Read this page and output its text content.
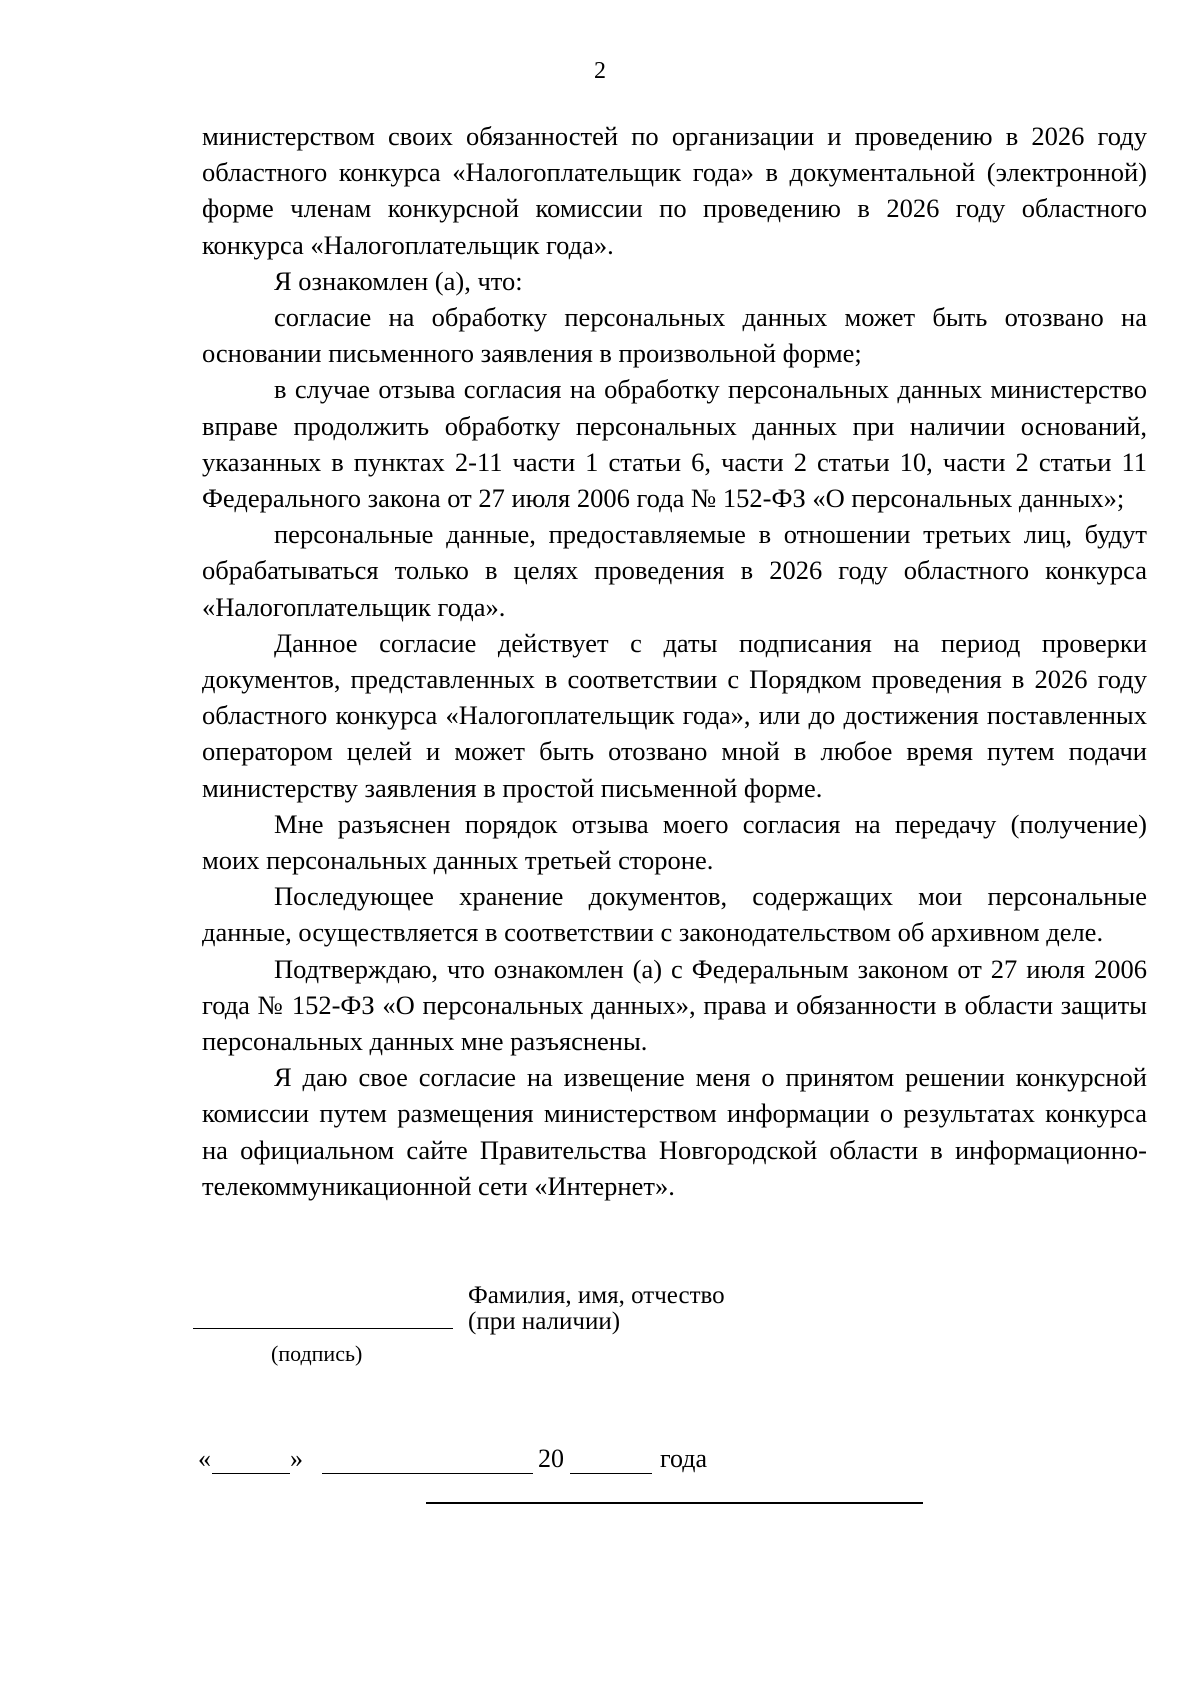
2

министерством своих обязанностей по организации и проведению в 2026 году областного конкурса «Налогоплательщик года» в документальной (электронной) форме членам конкурсной комиссии по проведению в 2026 году областного конкурса «Налогоплательщик года».

Я ознакомлен (а), что:

согласие на обработку персональных данных может быть отозвано на основании письменного заявления в произвольной форме;

в случае отзыва согласия на обработку персональных данных министерство вправе продолжить обработку персональных данных при наличии оснований, указанных в пунктах 2-11 части 1 статьи 6, части 2 статьи 10, части 2 статьи 11 Федерального закона от 27 июля 2006 года № 152-ФЗ «О персональных данных»;

персональные данные, предоставляемые в отношении третьих лиц, будут обрабатываться только в целях проведения в 2026 году областного конкурса «Налогоплательщик года».

Данное согласие действует с даты подписания на период проверки документов, представленных в соответствии с Порядком проведения в 2026 году областного конкурса «Налогоплательщик года», или до достижения поставленных оператором целей и может быть отозвано мной в любое время путем подачи министерству заявления в простой письменной форме.

Мне разъяснен порядок отзыва моего согласия на передачу (получение) моих персональных данных третьей стороне.

Последующее хранение документов, содержащих мои персональные данные, осуществляется в соответствии с законодательством об архивном деле.

Подтверждаю, что ознакомлен (а) с Федеральным законом от 27 июля 2006 года № 152-ФЗ «О персональных данных», права и обязанности в области защиты персональных данных мне разъяснены.

Я даю свое согласие на извещение меня о принятом решении конкурсной комиссии путем размещения министерством информации о результатах конкурса на официальном сайте Правительства Новгородской области в информационно-телекоммуникационной сети «Интернет».

(подпись)
Фамилия, имя, отчество
(при наличии)
«	»	20	года
